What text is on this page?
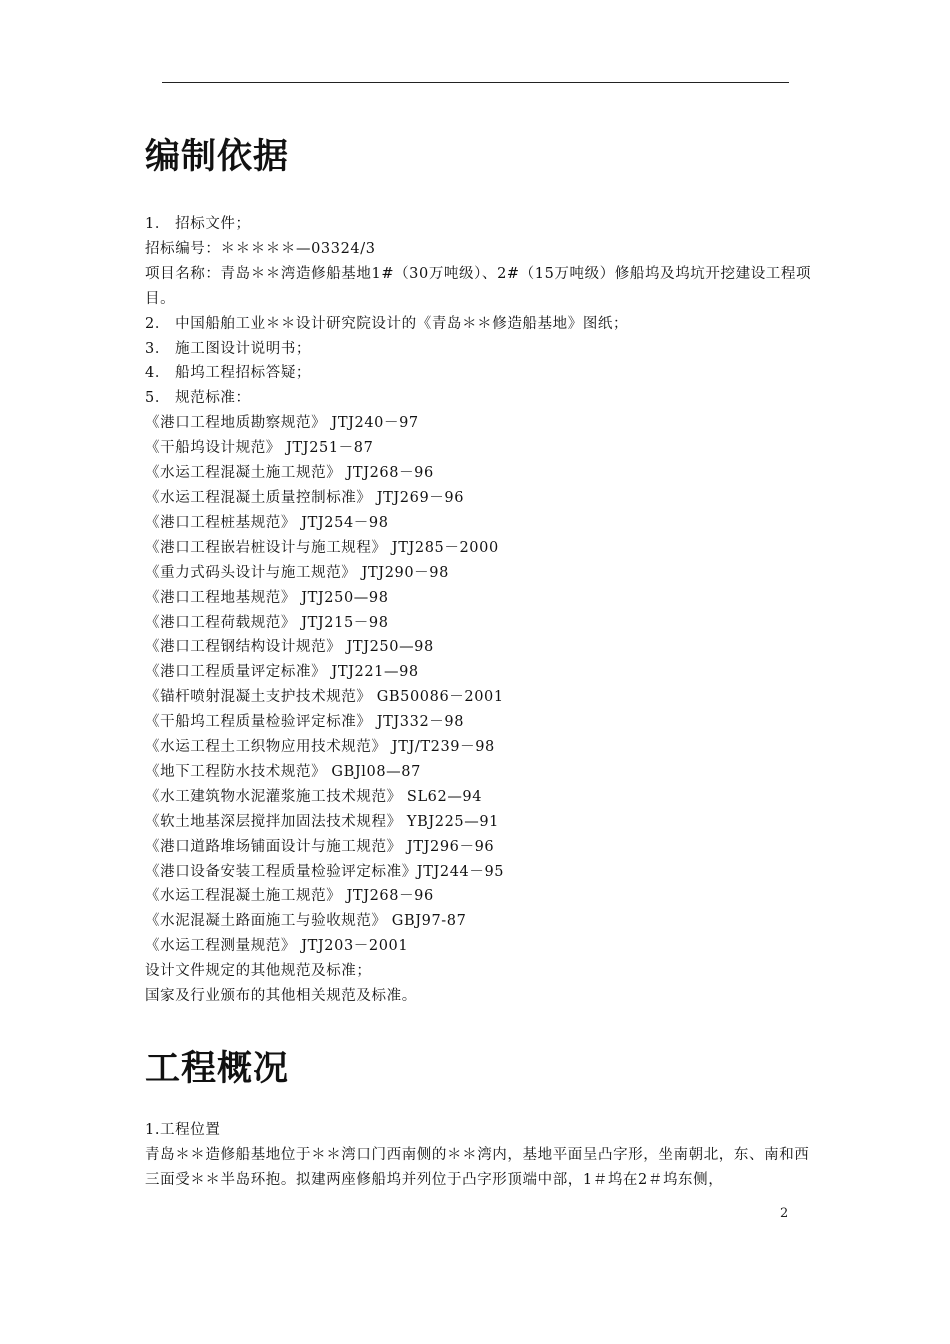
编制依据
1． 招标文件；
招标编号：＊＊＊＊＊—03324/3
项目名称：青岛＊＊湾造修船基地1#（30万吨级）、2#（15万吨级）修船坞及坞坑开挖建设工程项目。
2． 中国船舶工业＊＊设计研究院设计的《青岛＊＊修造船基地》图纸；
3． 施工图设计说明书；
4． 船坞工程招标答疑；
5． 规范标准：
《港口工程地质勘察规范》 JTJ240－97
《干船坞设计规范》 JTJ251－87
《水运工程混凝土施工规范》 JTJ268－96
《水运工程混凝土质量控制标准》 JTJ269－96
《港口工程桩基规范》 JTJ254－98
《港口工程嵌岩桩设计与施工规程》 JTJ285－2000
《重力式码头设计与施工规范》 JTJ290－98
《港口工程地基规范》 JTJ250—98
《港口工程荷载规范》 JTJ215－98
《港口工程钢结构设计规范》 JTJ250—98
《港口工程质量评定标准》 JTJ221—98
《锚杆喷射混凝土支护技术规范》 GB50086－2001
《干船坞工程质量检验评定标准》 JTJ332－98
《水运工程土工织物应用技术规范》 JTJ/T239－98
《地下工程防水技术规范》 GBJl08—87
《水工建筑物水泥灌浆施工技术规范》 SL62—94
《软土地基深层搅拌加固法技术规程》 YBJ225—91
《港口道路堆场铺面设计与施工规范》 JTJ296－96
《港口设备安装工程质量检验评定标准》JTJ244－95
《水运工程混凝土施工规范》 JTJ268－96
《水泥混凝土路面施工与验收规范》 GBJ97-87
《水运工程测量规范》 JTJ203－2001
设计文件规定的其他规范及标准；
国家及行业颁布的其他相关规范及标准。
工程概况
1.工程位置
青岛＊＊造修船基地位于＊＊湾口门西南侧的＊＊湾内，基地平面呈凸字形，坐南朝北，东、南和西三面受＊＊半岛环抱。拟建两座修船坞并列位于凸字形顶端中部，1＃坞在2＃坞东侧，
2
